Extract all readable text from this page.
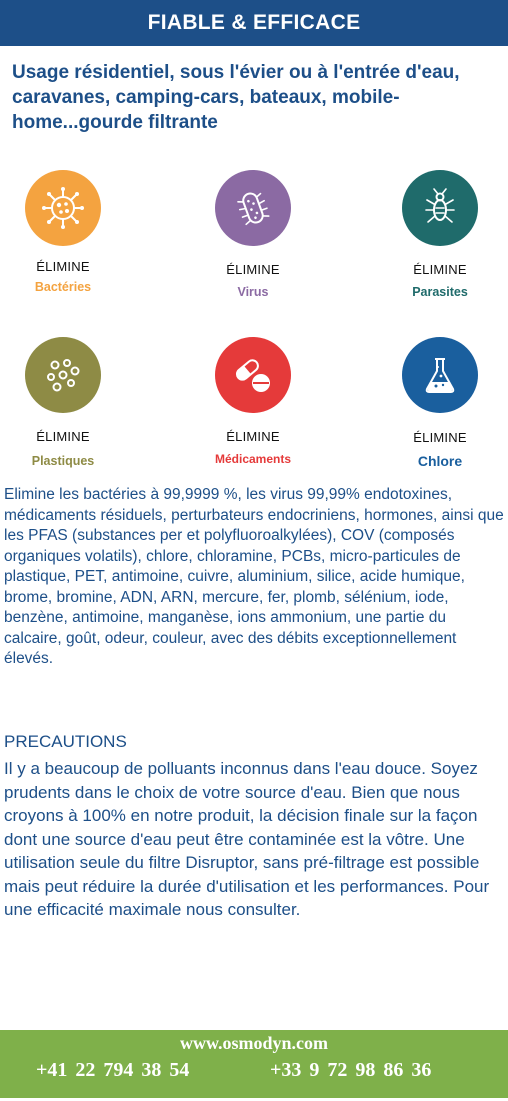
FIABLE & EFFICACE
Usage résidentiel, sous l'évier ou à l'entrée d'eau, caravanes, camping-cars, bateaux, mobile-home...gourde filtrante
ÉLIMINE
Bactéries
ÉLIMINE
Virus
ÉLIMINE
Parasites
ÉLIMINE
Plastiques
ÉLIMINE
Médicaments
ÉLIMINE
Chlore
Elimine les bactéries à 99,9999 %, les virus 99,99% endotoxines, médicaments résiduels, perturbateurs endocriniens, hormones, ainsi que les PFAS (substances per et polyfluoroalkylées), COV (composés organiques volatils), chlore, chloramine, PCBs, micro-particules de plastique, PET, antimoine, cuivre, aluminium, silice, acide humique, brome, bromine, ADN, ARN, mercure, fer, plomb, sélénium, iode, benzène, antimoine, manganèse, ions ammonium, une partie du calcaire, goût, odeur, couleur, avec des débits exceptionnellement élevés.
PRECAUTIONS
Il y a beaucoup de polluants inconnus dans l'eau douce. Soyez prudents dans le choix de votre source d'eau. Bien que nous croyons à 100% en notre produit, la décision finale sur la façon dont une source d'eau peut être contaminée est la vôtre. Une utilisation seule du filtre Disruptor, sans pré-filtrage est possible mais peut réduire la durée d'utilisation et les performances. Pour une efficacité maximale nous consulter.
www.osmodyn.com
+41 22 794 38 54	+33 9 72 98 86 36
